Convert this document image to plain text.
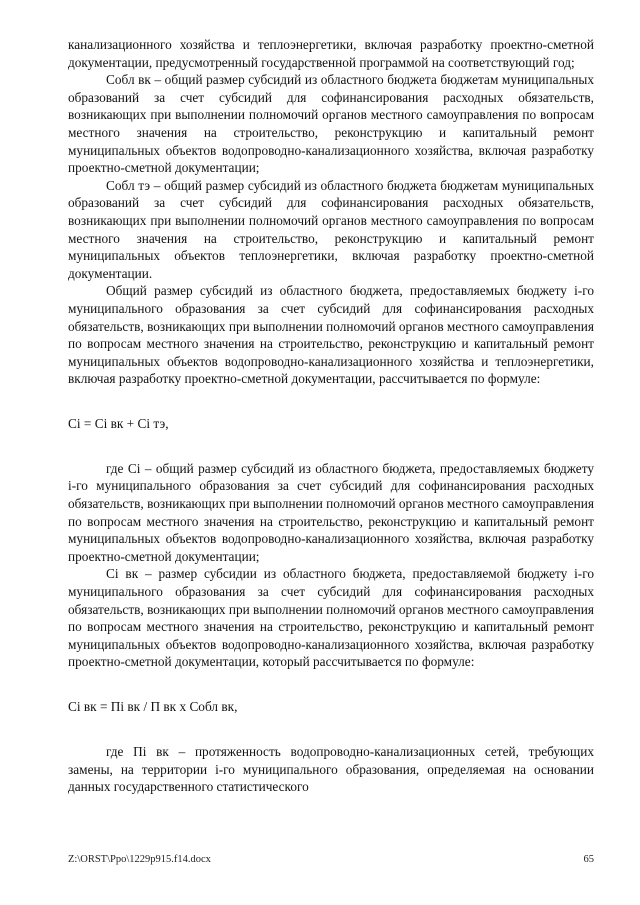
канализационного хозяйства и теплоэнергетики, включая разработку проектно-сметной документации, предусмотренный государственной программой на соответствующий год;

Собл вк – общий размер субсидий из областного бюджета бюджетам муниципальных образований за счет субсидий для софинансирования расходных обязательств, возникающих при выполнении полномочий органов местного самоуправления по вопросам местного значения на строительство, реконструкцию и капитальный ремонт муниципальных объектов водопроводно-канализационного хозяйства, включая разработку проектно-сметной документации;

Собл тэ – общий размер субсидий из областного бюджета бюджетам муниципальных образований за счет субсидий для софинансирования расходных обязательств, возникающих при выполнении полномочий органов местного самоуправления по вопросам местного значения на строительство, реконструкцию и капитальный ремонт муниципальных объектов теплоэнергетики, включая разработку проектно-сметной документации.

Общий размер субсидий из областного бюджета, предоставляемых бюджету i-го муниципального образования за счет субсидий для софинансирования расходных обязательств, возникающих при выполнении полномочий органов местного самоуправления по вопросам местного значения на строительство, реконструкцию и капитальный ремонт муниципальных объектов водопроводно-канализационного хозяйства и теплоэнергетики, включая разработку проектно-сметной документации, рассчитывается по формуле:

Ci = Ci вк + Ci тэ,

где Ci – общий размер субсидий из областного бюджета, предоставляемых бюджету i-го муниципального образования за счет субсидий для софинансирования расходных обязательств, возникающих при выполнении полномочий органов местного самоуправления по вопросам местного значения на строительство, реконструкцию и капитальный ремонт муниципальных объектов водопроводно-канализационного хозяйства, включая разработку проектно-сметной документации;

Ci вк – размер субсидии из областного бюджета, предоставляемой бюджету i-го муниципального образования за счет субсидий для софинансирования расходных обязательств, возникающих при выполнении полномочий органов местного самоуправления по вопросам местного значения на строительство, реконструкцию и капитальный ремонт муниципальных объектов водопроводно-канализационного хозяйства, включая разработку проектно-сметной документации, который рассчитывается по формуле:

Ci вк = Пi вк / П вк x Собл вк,

где Пi вк – протяженность водопроводно-канализационных сетей, требующих замены, на территории i-го муниципального образования, определяемая на основании данных государственного статистического

Z:\ORST\Ppo\1229p915.f14.docx	65
